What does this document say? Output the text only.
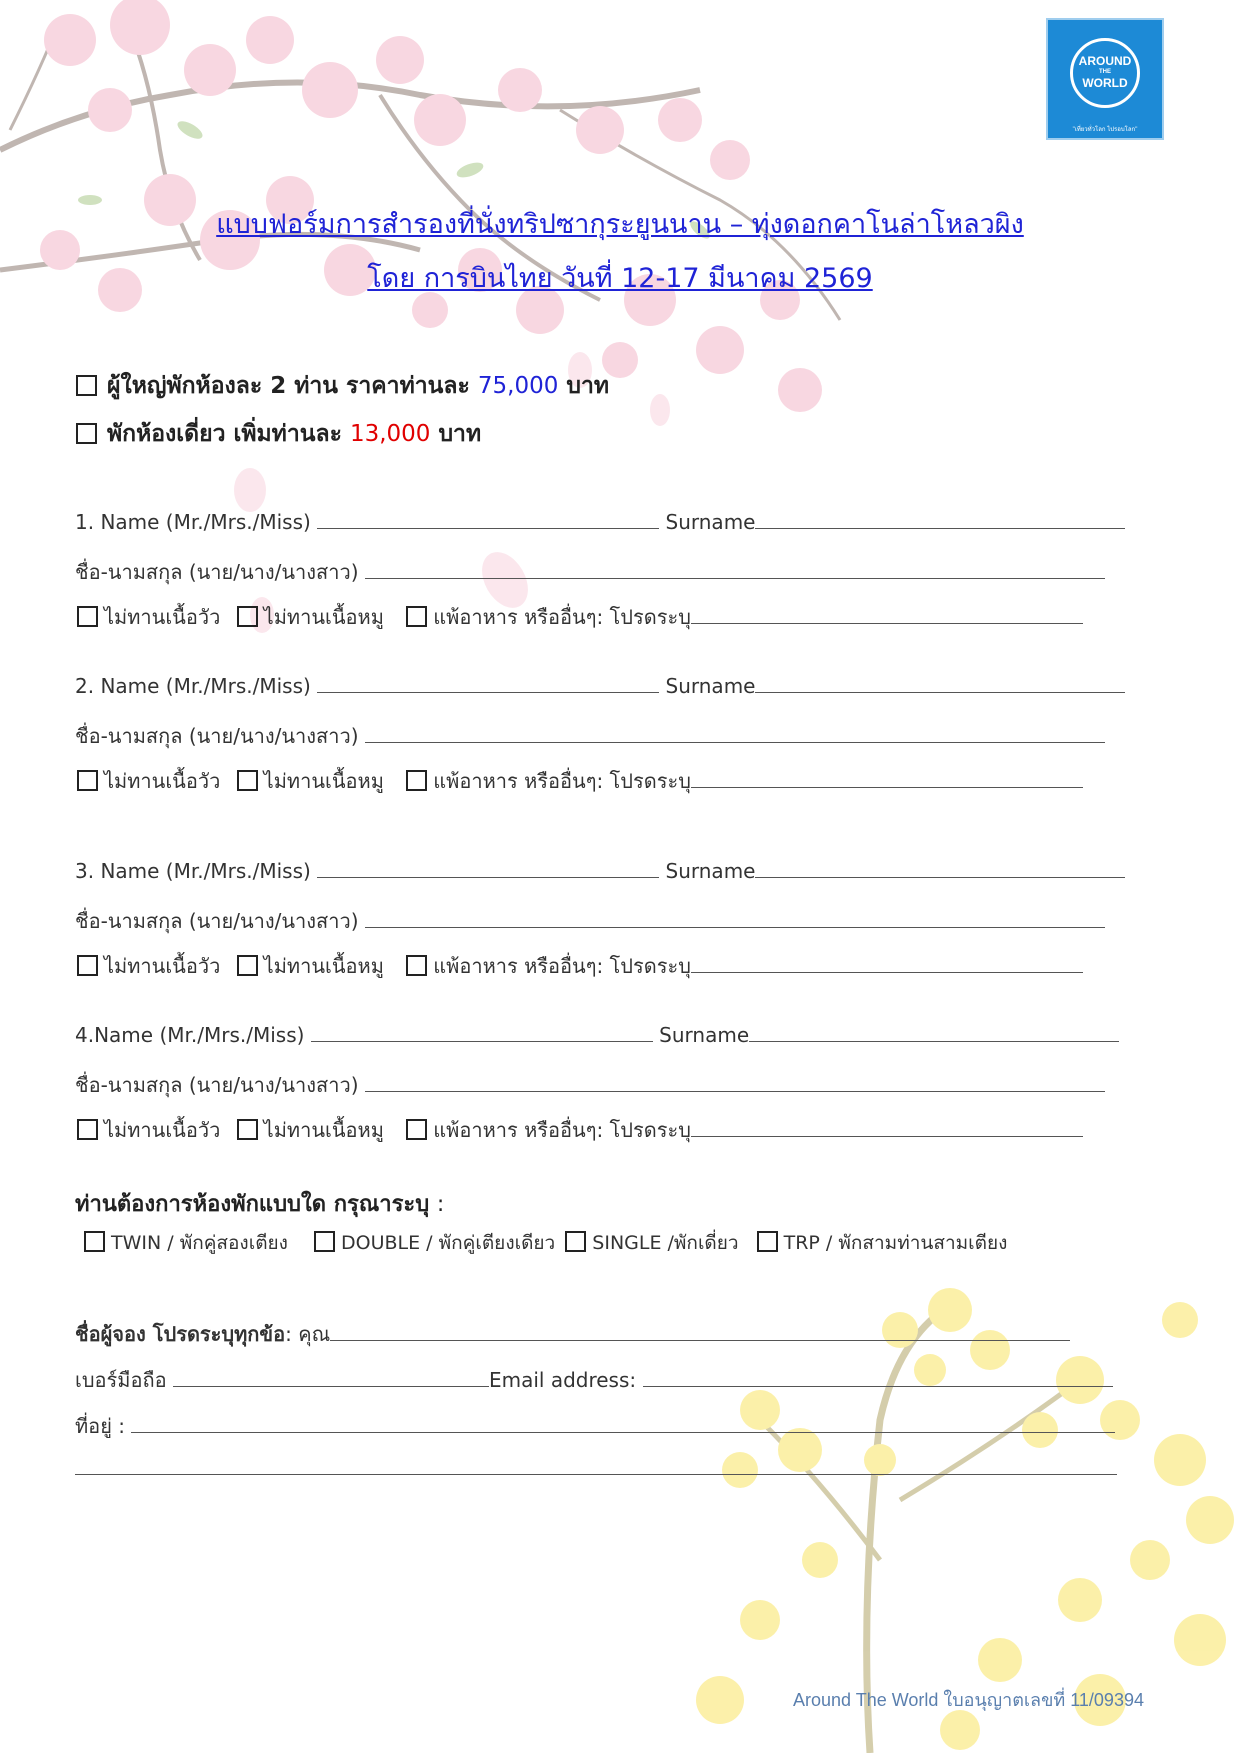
AROUND
THE
WORLD
"เที่ยวทั่วโลก ไปรอบโลก"
แบบฟอร์มการสำรองที่นั่งทริปซากุระยูนนาน – ทุ่งดอกคาโนล่าโหลวผิง
โดย การบินไทย วันที่ 12-17 มีนาคม 2569
ผู้ใหญ่พักห้องละ 2 ท่าน ราคาท่านละ 75,000 บาท
พักห้องเดี่ยว เพิ่มท่านละ 13,000 บาท
1. Name (Mr./Mrs./Miss)	Surname
ชื่อ-นามสกุล (นาย/นาง/นางสาว)
ไม่ทานเนื้อวัว ไม่ทานเนื้อหมู แพ้อาหาร หรืออื่นๆ: โปรดระบุ
2. Name (Mr./Mrs./Miss)	Surname
ชื่อ-นามสกุล (นาย/นาง/นางสาว)
ไม่ทานเนื้อวัว ไม่ทานเนื้อหมู แพ้อาหาร หรืออื่นๆ: โปรดระบุ
3. Name (Mr./Mrs./Miss)	Surname
ชื่อ-นามสกุล (นาย/นาง/นางสาว)
ไม่ทานเนื้อวัว ไม่ทานเนื้อหมู แพ้อาหาร หรืออื่นๆ: โปรดระบุ
4.Name (Mr./Mrs./Miss)	Surname
ชื่อ-นามสกุล (นาย/นาง/นางสาว)
ไม่ทานเนื้อวัว ไม่ทานเนื้อหมู แพ้อาหาร หรืออื่นๆ: โปรดระบุ
ท่านต้องการห้องพักแบบใด กรุณาระบุ :
TWIN / พักคู่สองเตียง	DOUBLE / พักคู่เตียงเดียว SINGLE /พักเดี่ยว TRP / พักสามท่านสามเตียง
ชื่อผู้จอง โปรดระบุทุกข้อ: คุณ
เบอร์มือถือ	Email address:
ที่อยู่ :
Around The World ใบอนุญาตเลขที่ 11/09394
